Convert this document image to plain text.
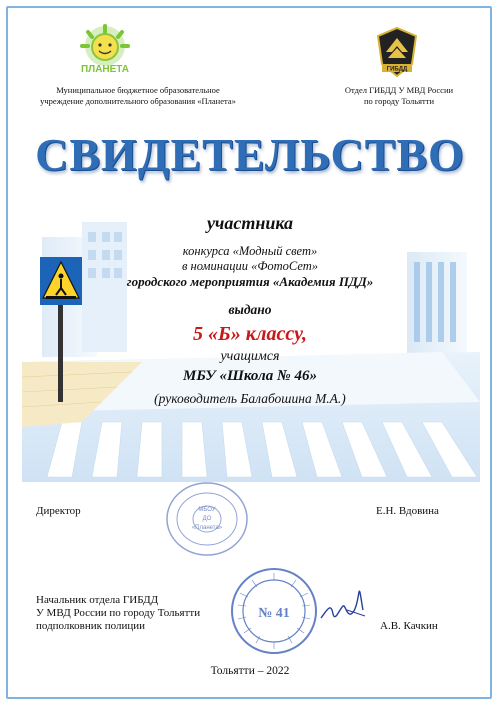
ПЛАНЕТА	ГИБДД
Муниципальное бюджетное образовательное
учреждение дополнительного образования «Планета»
Отдел ГИБДД У МВД России
по городу Тольятти
СВИДЕТЕЛЬСТВО
участника
конкурса «Модный свет»
в номинации «ФотоСет»
городского мероприятия «Академия ПДД»
выдано
5 «Б» классу,
учащимся
МБУ «Школа № 46»
(руководитель Балабошина М.А.)
МБОУ
ДО
«Планета»
Директор	Е.Н. Вдовина
№ 41
Начальник отдела ГИБДД
У МВД России по городу Тольятти
подполковник полиции	А.В. Качкин
Тольятти – 2022
